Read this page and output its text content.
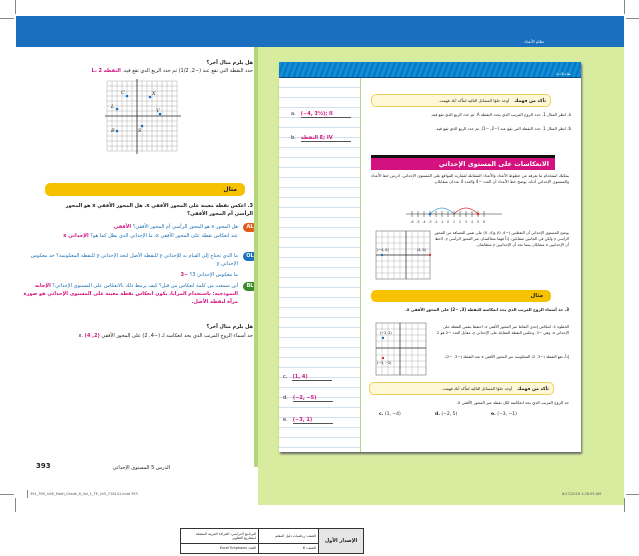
نظام الأعداد
هل يلزم مثال آخر؟
حدد النقطة التي تقع عند (−2, 1/2) ثم حدد الربع الذي تقع فيه. النقطة L، 2
C	X
L
V
B	S
مثال
3. اعكس نقطة معينة على المحور الأفقي x. هل المحور الأفقي x هو المحور الرأسي أم المحور الأفقي؟
AL
هل المحور x هو المحور الرأسي أم المحور الأفقي؟ الأفقي
عند انعكاس نقطة على المحور الأفقي x، ما الإحداثي الذي يظل كما هو؟ الإحداثي x
OL
ما الذي تحتاج إلى القيام به للإحداثي y للنقطة الأصل لتجد الإحداثي y للنقطة المعكوسة؟ خذ معكوس الإحداثي y
ما معكوس الإحداثي 3؟ −3
BL
أين سمعت من كلمة انعكاس من قبل؟ كيف يرتبط ذلك بالانعكاس على المستوى الإحداثي؟ الإجابة النموذجية: باستخدام المرايا، يكون انعكاس نقطة معينة على المستوى الإحداثي هو صورة مرآة لنقطة الأصل.
هل يلزم مثال آخر؟
جد أسماء الزوج المرتب الذي يحد انعكاسه لـ (−4, 2) على المحور الأفقي x. (4 ,2)
الدرس 5 المستوى الإحداثي
393
391_395_UAE_Math_Grade_6_Vol_1_TE_ch5_718141.indd 393	8/17/2016 1:28:55 AM
نظام الأعداد
a. (−4, 3½); II
b. النقطة E; IV
c. (1, 4)
d. (−2, −5)
e. (−3, 1)
تأكد من فهمك    أوجد حلوًا المسائل التالية لتتأكد أنك فهمت.
a. انظر المثال 1. حدد الزوج المرتب الذي يحدد النقطة A. ثم حدد الربع الذي تقع فيه.
b. انظر المثال 1. حدد النقطة التي تقع عند (−2, −1). ثم حدد الربع الذي تقع فيه.
الانعكاسات على المستوى الإحداثي
يمكنك استخدام ما تعرفه عن خطوط الأعداد والأعداد المتقابلة لمقارنة المواقع على المستوى الإحداثي. ادرس خط الأعداد والمستوى الإحداثي أدناه. يوضح خط الأعداد أن العدد −4 والعدد 4 عددان متقابلان.
-6 -5 -4 -3 -2 -1 0 1 2 3 4 5 6
(−4, 0)	(4, 0)
يوضح المستوى الإحداثي أن النقطتين (−4, 0) و(4, 0) على نفس المسافة من المحور الرأسي y ولكن في الجانبين متقابلين. إذاً فهما متعاكسان عبر المحور الرأسي y. لاحظ أن الإحداثيين x متقابلان بينما نجد أن الإحداثيين y متطابقان.
مثال
3. جد أسماء الزوج المرتب الذي يحد انعكاسه للنقطة (3, −2) على المحور الأفقي x.
(−3, 2)
(−3, −2)
الخطوة 1: انعكاس إحدى النقاط عبر المحور الأفقي x، احتفظ بنفس النقطة على الإحداثي x، وهي −3. وعكس النقطة المقابلة على الإحداثي y، مقابل العدد −2 هو 2.
إذاً، تقع النقطة (−3, 2) المعكوسة عبر المحور الأفقي x عند النقطة (−3, −2).
تأكد من فهمك    أوجد حلوًا المسائل التالية لتتأكد أنك فهمت.
جد الزوج المرتب الذي يحد انعكاسه لكل نقطة عبر المحور الأفقي x.
c. (1, −4)	d. (−2, 5)	e. (−3, −1)
البرنامج الدراسي: القراءة العربية المتصلة لمشاريع التطوير	الصف: رياضيات دليل المعلم	الإصدار الأول
اللغة: Excel Emphasis	الصف: 6	
